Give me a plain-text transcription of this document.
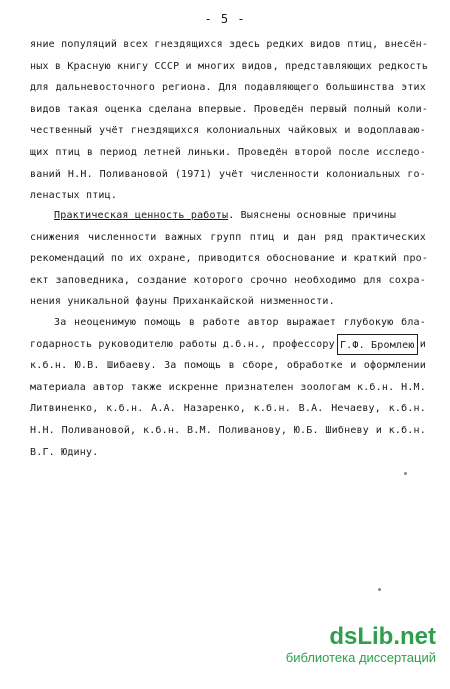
- 5 -
яние популяций всех гнездящихся здесь редких видов птиц, внесён-
ных в Красную книгу СССР и многих видов, представляющих редкость
для дальневосточного региона. Для подавляющего большинства этих
видов такая оценка сделана впервые. Проведён первый полный коли-
чественный учёт гнездящихся колониальных чайковых и водоплаваю-
щих птиц в период летней линьки. Проведён второй после исследо-
ваний Н.Н. Поливановой (1971) учёт численности колониальных го-
ленастых птиц.
Практическая ценность работы. Выяснены основные причины
снижения численности важных групп птиц и дан ряд практических
рекомендаций по их охране, приводится обоснование и краткий про-
ект заповедника, создание которого срочно необходимо для сохра-
нения уникальной фауны Приханкайской низменности.
За неоценимую помощь в работе автор выражает глубокую бла-
годарность руководителю работы д.б.н., профессору Г.Ф. Бромлею и
к.б.н. Ю.В. Шибаеву. За помощь в сборе, обработке и оформлении
материала автор также искренне признателен зоологам к.б.н. Н.М.
Литвиненко, к.б.н. А.А. Назаренко, к.б.н. В.А. Нечаеву, к.б.н.
Н.Н. Поливановой, к.б.н. В.М. Поливанову, Ю.Б. Шибневу и к.б.н.
В.Г. Юдину.
dsLib.net
библиотека диссертаций
